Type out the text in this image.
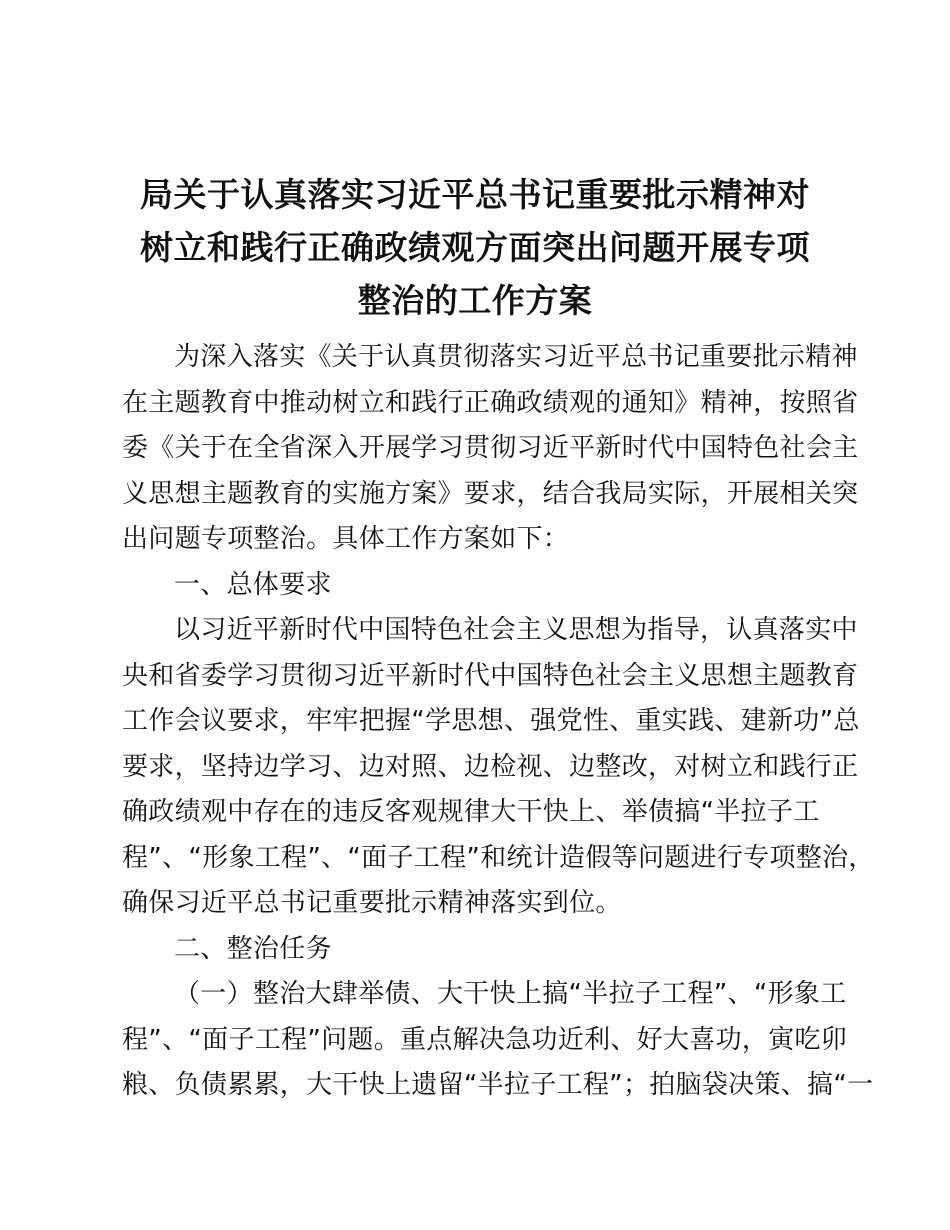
局关于认真落实习近平总书记重要批示精神对
树立和践行正确政绩观方面突出问题开展专项
整治的工作方案
为深入落实《关于认真贯彻落实习近平总书记重要批示精神
在主题教育中推动树立和践行正确政绩观的通知》精神，按照省
委《关于在全省深入开展学习贯彻习近平新时代中国特色社会主
义思想主题教育的实施方案》要求，结合我局实际，开展相关突
出问题专项整治。具体工作方案如下：
一、总体要求
以习近平新时代中国特色社会主义思想为指导，认真落实中
央和省委学习贯彻习近平新时代中国特色社会主义思想主题教育
工作会议要求，牢牢把握“学思想、强党性、重实践、建新功”总
要求，坚持边学习、边对照、边检视、边整改，对树立和践行正
确政绩观中存在的违反客观规律大干快上、举债搞“半拉子工
程”、“形象工程”、“面子工程”和统计造假等问题进行专项整治，
确保习近平总书记重要批示精神落实到位。
二、整治任务
（一）整治大肆举债、大干快上搞“半拉子工程”、“形象工
程”、“面子工程”问题。重点解决急功近利、好大喜功，寅吃卯
粮、负债累累，大干快上遗留“半拉子工程”；拍脑袋决策、搞“一
